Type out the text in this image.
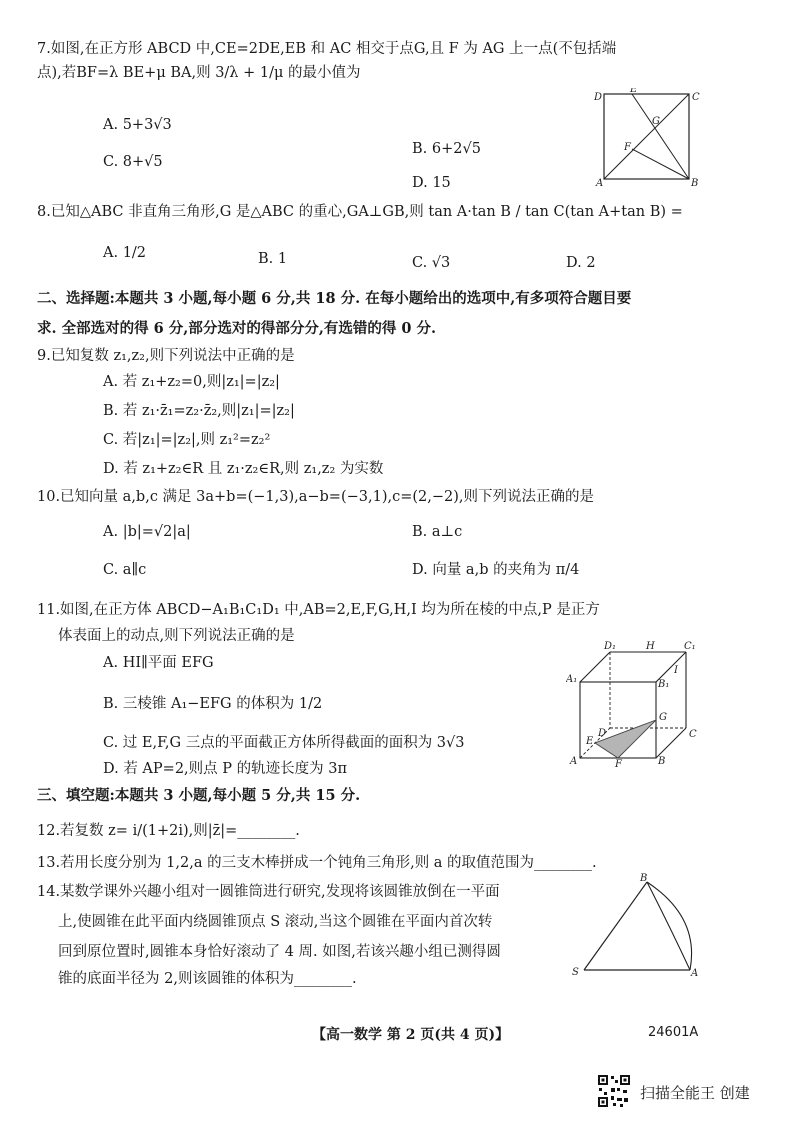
7.如图,在正方形 ABCD 中,CE=2DE,EB 和 AC 相交于点G,且 F 为 AG 上一点(不包括端
点),若BF=λ BE+μ BA,则 3/λ + 1/μ 的最小值为
A. 5+3√3
B. 6+2√5
C. 8+√5
D. 15
D
E
C
G
F
A	B
8.已知△ABC 非直角三角形,G 是△ABC 的重心,GA⊥GB,则 tan A·tan B / tan C(tan A+tan B) =
A. 1/2	B. 1	C. √3	D. 2
二、选择题:本题共 3 小题,每小题 6 分,共 18 分. 在每小题给出的选项中,有多项符合题目要
求. 全部选对的得 6 分,部分选对的得部分分,有选错的得 0 分.
9.已知复数 z₁,z₂,则下列说法中正确的是
A. 若 z₁+z₂=0,则|z₁|=|z₂|
B. 若 z₁·z̄₁=z₂·z̄₂,则|z₁|=|z₂|
C. 若|z₁|=|z₂|,则 z₁²=z₂²
D. 若 z₁+z₂∈R 且 z₁·z₂∈R,则 z₁,z₂ 为实数
10.已知向量 a,b,c 满足 3a+b=(−1,3),a−b=(−3,1),c=(2,−2),则下列说法正确的是
A. |b|=√2|a|	B. a⊥c
C. a∥c	D. 向量 a,b 的夹角为 π/4
11.如图,在正方体 ABCD−A₁B₁C₁D₁ 中,AB=2,E,F,G,H,I 均为所在棱的中点,P 是正方
体表面上的动点,则下列说法正确的是
A. HI∥平面 EFG
B. 三棱锥 A₁−EFG 的体积为 1/2
C. 过 E,F,G 三点的平面截正方体所得截面的面积为 3√3
D. 若 AP=2,则点 P 的轨迹长度为 3π
D₁	H	C₁
A₁	B₁
I
G
D
E
C
A	F	B
三、填空题:本题共 3 小题,每小题 5 分,共 15 分.
12.若复数 z= i/(1+2i),则|z̄|=________.
13.若用长度分别为 1,2,a 的三支木棒拼成一个钝角三角形,则 a 的取值范围为________.
14.某数学课外兴趣小组对一圆锥筒进行研究,发现将该圆锥放倒在一平面
上,使圆锥在此平面内绕圆锥顶点 S 滚动,当这个圆锥在平面内首次转
回到原位置时,圆锥本身恰好滚动了 4 周. 如图,若该兴趣小组已测得圆
锥的底面半径为 2,则该圆锥的体积为________.
B
S	A
【高一数学 第 2 页(共 4 页)】	24601A
扫描全能王 创建
